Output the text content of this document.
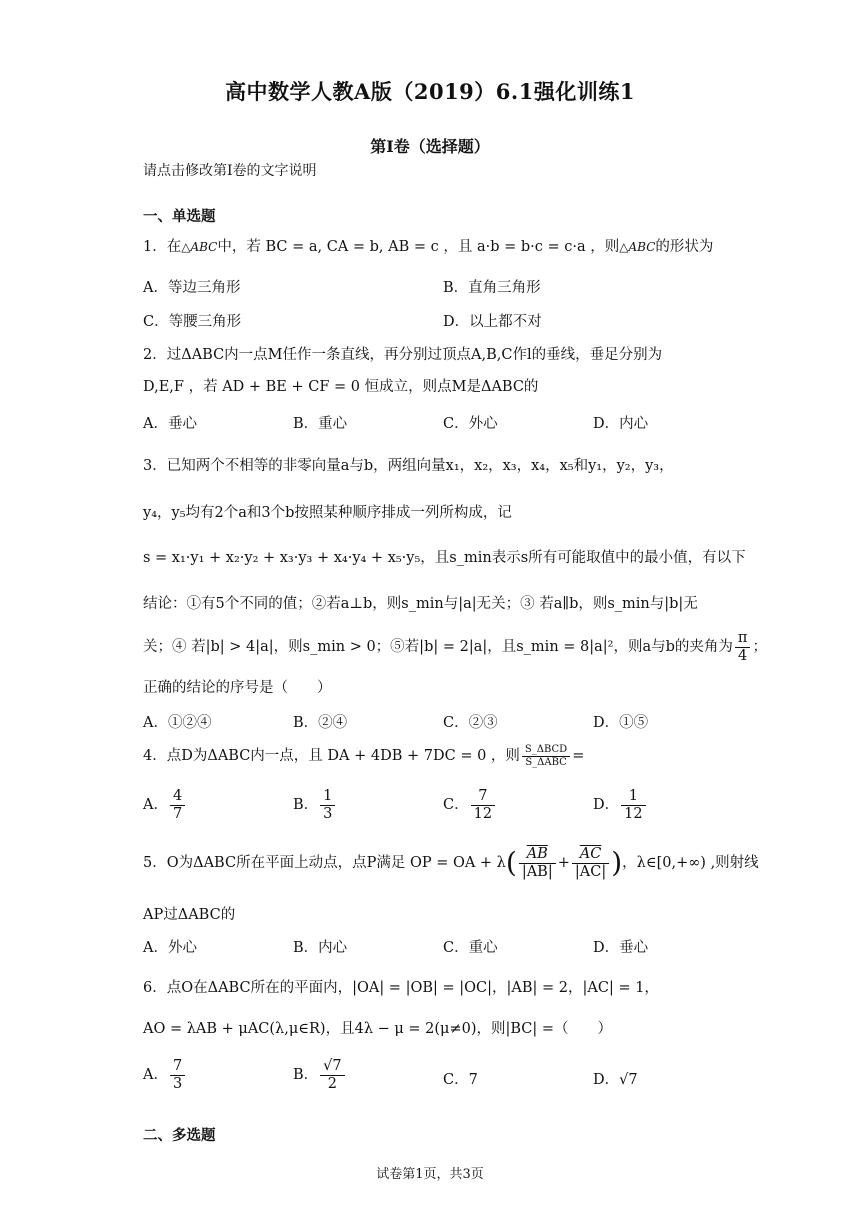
高中数学人教A版（2019）6.1强化训练1
第I卷（选择题）
请点击修改第I卷的文字说明
一、单选题
1．在△ABC中，若 BC = a, CA = b, AB = c ，且 a·b = b·c = c·a ，则△ABC的形状为
A．等边三角形	B．直角三角形
C．等腰三角形	D．以上都不对
2．过ΔABC内一点M任作一条直线，再分别过顶点A,B,C作l的垂线，垂足分别为
D,E,F ，若 AD + BE + CF = 0 恒成立，则点M是ΔABC的
A．垂心	B．重心	C．外心	D．内心
3．已知两个不相等的非零向量a与b，两组向量x₁，x₂，x₃，x₄，x₅和y₁，y₂，y₃，
y₄，y₅均有2个a和3个b按照某种顺序排成一列所构成，记
s = x₁·y₁ + x₂·y₂ + x₃·y₃ + x₄·y₄ + x₅·y₅，且s_min表示s所有可能取值中的最小值，有以下
结论：①有5个不同的值；②若a⊥b，则s_min与|a|无关；③ 若a∥b，则s_min与|b|无
关；④ 若|b| > 4|a|，则s_min > 0；⑤若|b| = 2|a|，且s_min = 8|a|²，则a与b的夹角为 $\frac{\pi}{4}$ ；
正确的结论的序号是（　　）
A．①②④	B．②④	C．②③	D．①⑤
4．点D为ΔABC内一点，且 DA + 4DB + 7DC = 0 ，则 $\frac{\text{S\_ΔBCD}}{\text{S\_ΔABC}}$ =
A． $\frac{4}{7}$	B． $\frac{1}{3}$	C． $\frac{7}{12}$	D． $\frac{1}{12}$
5．O为ΔABC所在平面上动点，点P满足 OP = OA + $\lambda( \frac{\overline{AB}}{|AB|} + \frac{\overline{AC}}{|AC|}$ )，λ∈[0,+∞) ,则射线
AP过ΔABC的
A．外心	B．内心	C．重心	D．垂心
6．点O在ΔABC所在的平面内，|OA| = |OB| = |OC|，|AB| = 2，|AC| = 1，
AO = λAB + μAC(λ,μ∈R)，且4λ − μ = 2(μ≠0)，则|BC| =（　　）
A． $\frac{7}{3}$	B． $\frac{√7}{2}$	C．7	D．√7
二、多选题
试卷第1页，共3页
